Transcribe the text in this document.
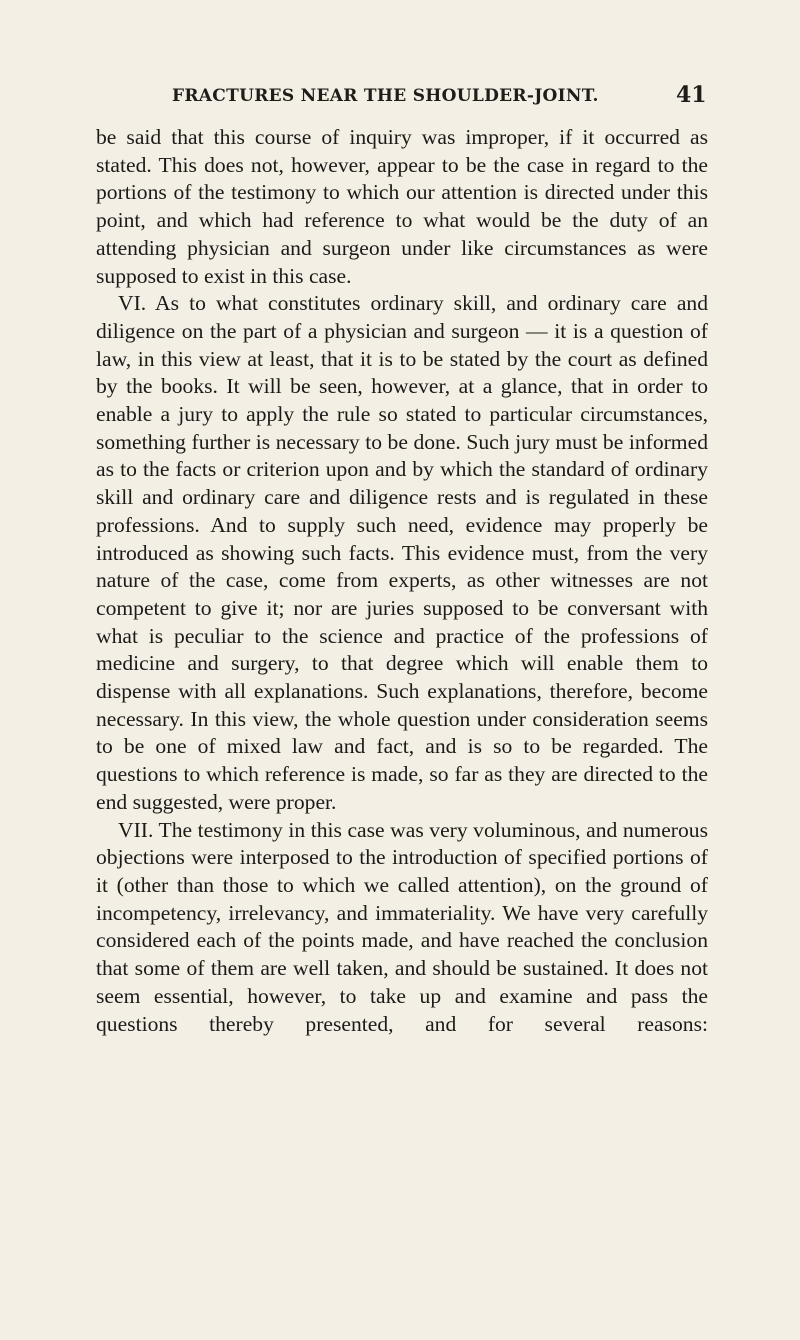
FRACTURES NEAR THE SHOULDER-JOINT.	41

be said that this course of inquiry was improper, if it occurred as stated. This does not, however, appear to be the case in regard to the portions of the testimony to which our attention is directed under this point, and which had reference to what would be the duty of an attending physician and surgeon under like circumstances as were supposed to exist in this case.

VI. As to what constitutes ordinary skill, and ordinary care and diligence on the part of a physician and surgeon — it is a question of law, in this view at least, that it is to be stated by the court as defined by the books. It will be seen, however, at a glance, that in order to enable a jury to apply the rule so stated to particular circumstances, something further is necessary to be done. Such jury must be informed as to the facts or criterion upon and by which the standard of ordinary skill and ordinary care and diligence rests and is regulated in these professions. And to supply such need, evidence may properly be introduced as showing such facts. This evidence must, from the very nature of the case, come from experts, as other witnesses are not competent to give it; nor are juries supposed to be conversant with what is peculiar to the science and practice of the professions of medicine and surgery, to that degree which will enable them to dispense with all explanations. Such explanations, therefore, become necessary. In this view, the whole question under consideration seems to be one of mixed law and fact, and is so to be regarded. The questions to which reference is made, so far as they are directed to the end suggested, were proper.

VII. The testimony in this case was very voluminous, and numerous objections were interposed to the introduction of specified portions of it (other than those to which we called attention), on the ground of incompetency, irrelevancy, and immateriality. We have very carefully considered each of the points made, and have reached the conclusion that some of them are well taken, and should be sustained. It does not seem essential, however, to take up and examine and pass the questions thereby presented, and for several reasons:
